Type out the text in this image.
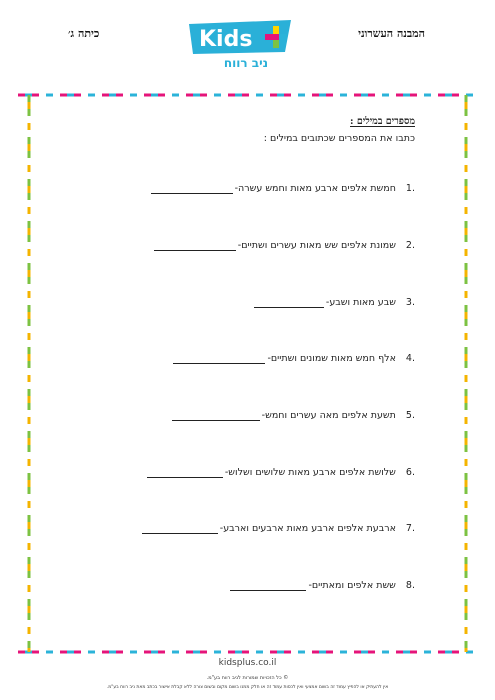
המבנה העשרוני
כיתה ג׳	Kids
ניב רווח

מספרים במילים :

כתבו את המספרים שכתובים במילים :
.1
חמשת אלפים ארבע מאות וחמש עשרה-
.2
שמונת אלפים שש מאות עשרים ושתיים-
.3
שבע מאות ושבע-
.4
אלף חמש מאות שמונים ושתיים-
.5
תשעת אלפים מאה עשרים וחמש-
.6
שלושת אלפים ארבע מאות שלושים ושלוש-
.7
ארבעת אלפים ארבע מאות ארבעים וארבע-
.8
ששת אלפים ומאתיים-
kidsplus.co.il
© כל הזכויות שמורות לניב רווח בע"מ.
אין להעתיק או להפיץ עמוד זה בשום אמצעי ואין לכסות עמוד זה או חלק ממנו בשום מקום ובשום צורה ללא קבלת אישור בכתב מאת ניב רווח בע"מ.
